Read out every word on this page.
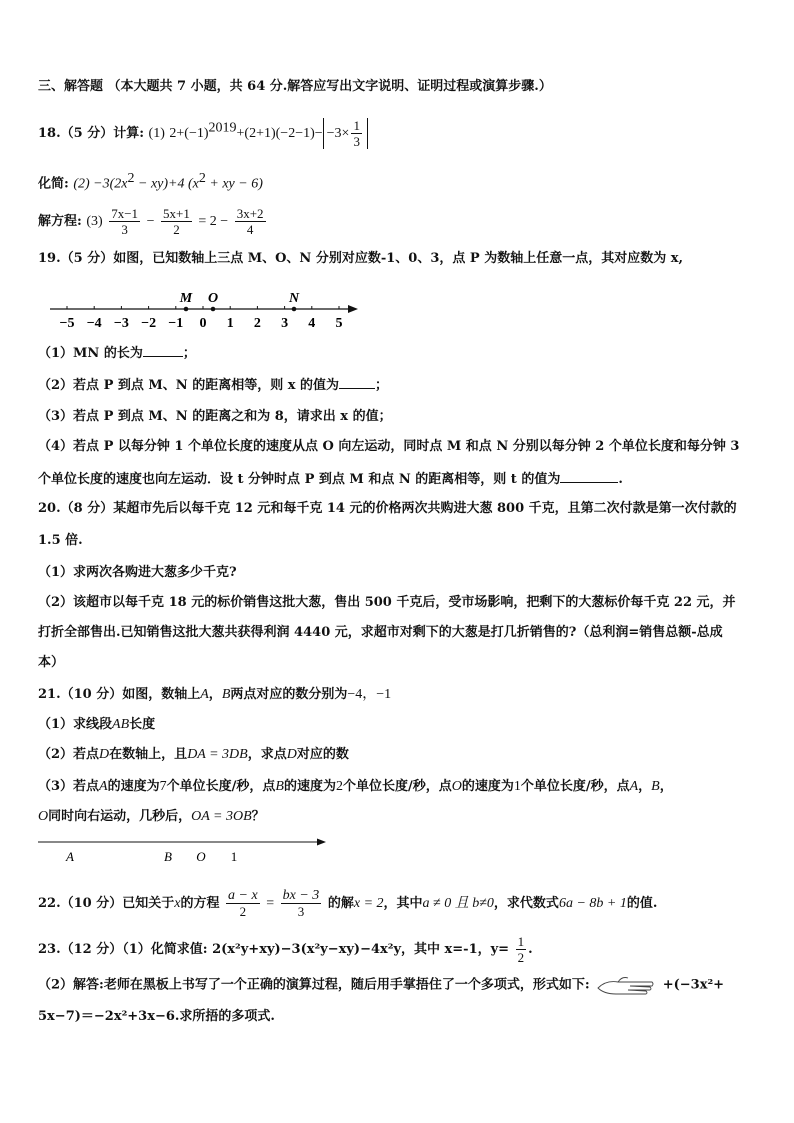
三、解答题 （本大题共 7 小题，共 64 分.解答应写出文字说明、证明过程或演算步骤.）
18.（5 分）计算: (1) $2+(-1)^{2019}+(2+1)(-2-1)- -3\times \frac{1}{3}$
化简: $(2) -3(2x^2 - xy)+4$ ($x^2$ + xy − 6)
解方程: $(3) \frac{7x-1}{3} - \frac{5x+1}{2} = 2 - \frac{3x+2}{4}$
19.（5 分）如图，已知数轴上三点 M、O、N 分别对应数-1、0、3，点 P 为数轴上任意一点，其对应数为 x,
−5 −4 −3 −2 −1 0 1 2 3 4 5
M O	N
（1）MN 的长为	；
（2）若点 P 到点 M、N 的距离相等，则 x 的值为	；
（3）若点 P 到点 M、N 的距离之和为 8，请求出 x 的值；
（4）若点 P 以每分钟 1 个单位长度的速度从点 O 向左运动，同时点 M 和点 N 分别以每分钟 2 个单位长度和每分钟 3
个单位长度的速度也向左运动．设 t 分钟时点 P 到点 M 和点 N 的距离相等，则 t 的值为	.
20.（8 分）某超市先后以每千克 12 元和每千克 14 元的价格两次共购进大葱 800 千克，且第二次付款是第一次付款的
1.5 倍.
（1）求两次各购进大葱多少千克?
（2）该超市以每千克 18 元的标价销售这批大葱，售出 500 千克后，受市场影响，把剩下的大葱标价每千克 22 元，并
打折全部售出.已知销售这批大葱共获得利润 4440 元，求超市对剩下的大葱是打几折销售的?（总利润=销售总额-总成
本）
21.（10 分）如图，数轴上A，B两点对应的数分别为−4，−1
（1）求线段AB长度
（2）若点D在数轴上，且DA = 3DB，求点D对应的数
（3）若点A的速度为7个单位长度/秒，点B的速度为2个单位长度/秒，点O的速度为1个单位长度/秒，点A，B，
O同时向右运动，几秒后，OA = 3OB？
A	B O 1
22.（10 分）已知关于x的方程 $\frac{a - x}{2} = \frac{bx - 3}{3}$ 的解x = 2，其中a ≠ 0 且 b≠0，求代数式6a − 8b + 1的值.
23.（12 分）（1）化简求值: 2(x²y+xy)−3(x²y−xy)−4x²y，其中 x=-1，$y= \frac{1}{2}$ .
（2）解答:老师在黑板上书写了一个正确的演算过程，随后用手掌捂住了一个多项式，形式如下:	+(−3x²+
5x−7)＝−2x²+3x−6.求所捂的多项式.
